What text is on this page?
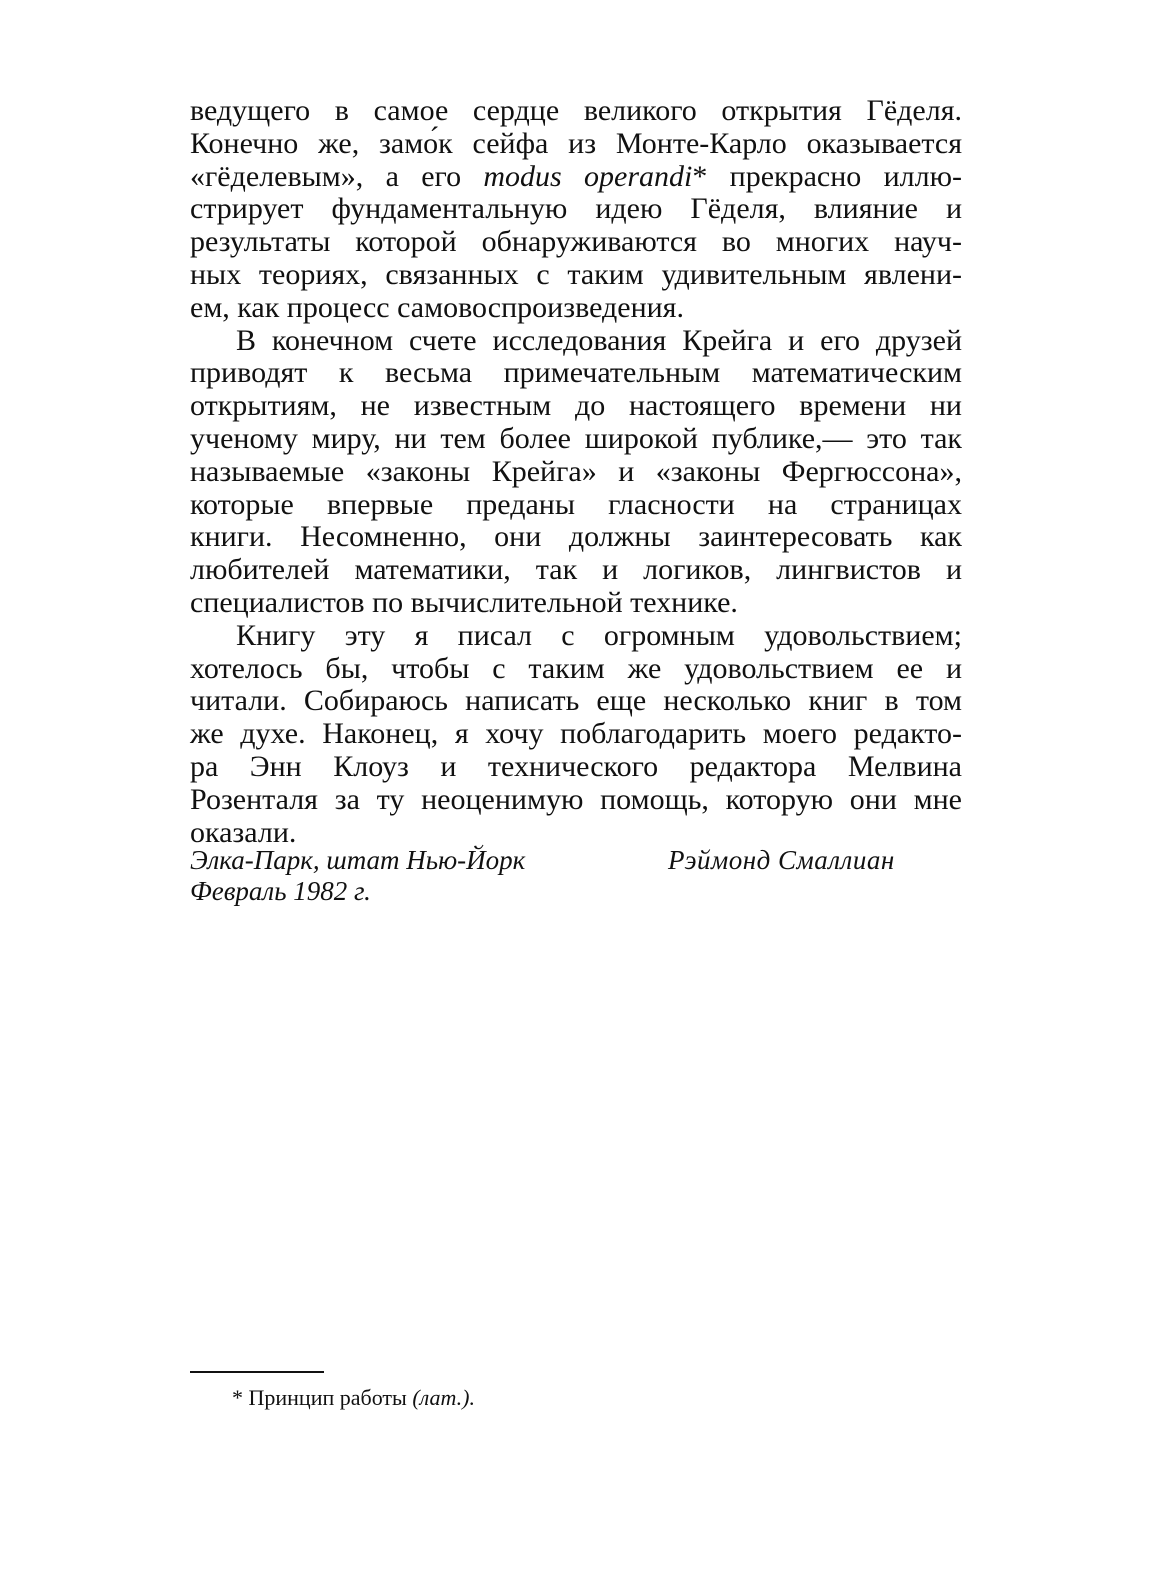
ведущего в самое сердце великого открытия Гёделя.
Конечно же, замо́к сейфа из Монте-Карло оказывается
«гёделевым», а его modus operandi* прекрасно иллю-
стрирует фундаментальную идею Гёделя, влияние и
результаты которой обнаруживаются во многих науч-
ных теориях, связанных с таким удивительным явлени-
ем, как процесс самовоспроизведения.

В конечном счете исследования Крейга и его друзей
приводят к весьма примечательным математическим
открытиям, не известным до настоящего времени ни
ученому миру, ни тем более широкой публике,— это так
называемые «законы Крейга» и «законы Фергюссона»,
которые впервые преданы гласности на страницах
книги. Несомненно, они должны заинтересовать как
любителей математики, так и логиков, лингвистов и
специалистов по вычислительной технике.

Книгу эту я писал с огромным удовольствием;
хотелось бы, чтобы с таким же удовольствием ее и
читали. Собираюсь написать еще несколько книг в том
же духе. Наконец, я хочу поблагодарить моего редакто-
ра Энн Клоуз и технического редактора Мелвина
Розенталя за ту неоценимую помощь, которую они мне
оказали.

Элка-Парк, штат Нью-Йорк
Февраль 1982 г.
Рэймонд Смаллиан
* Принцип работы (лат.).
